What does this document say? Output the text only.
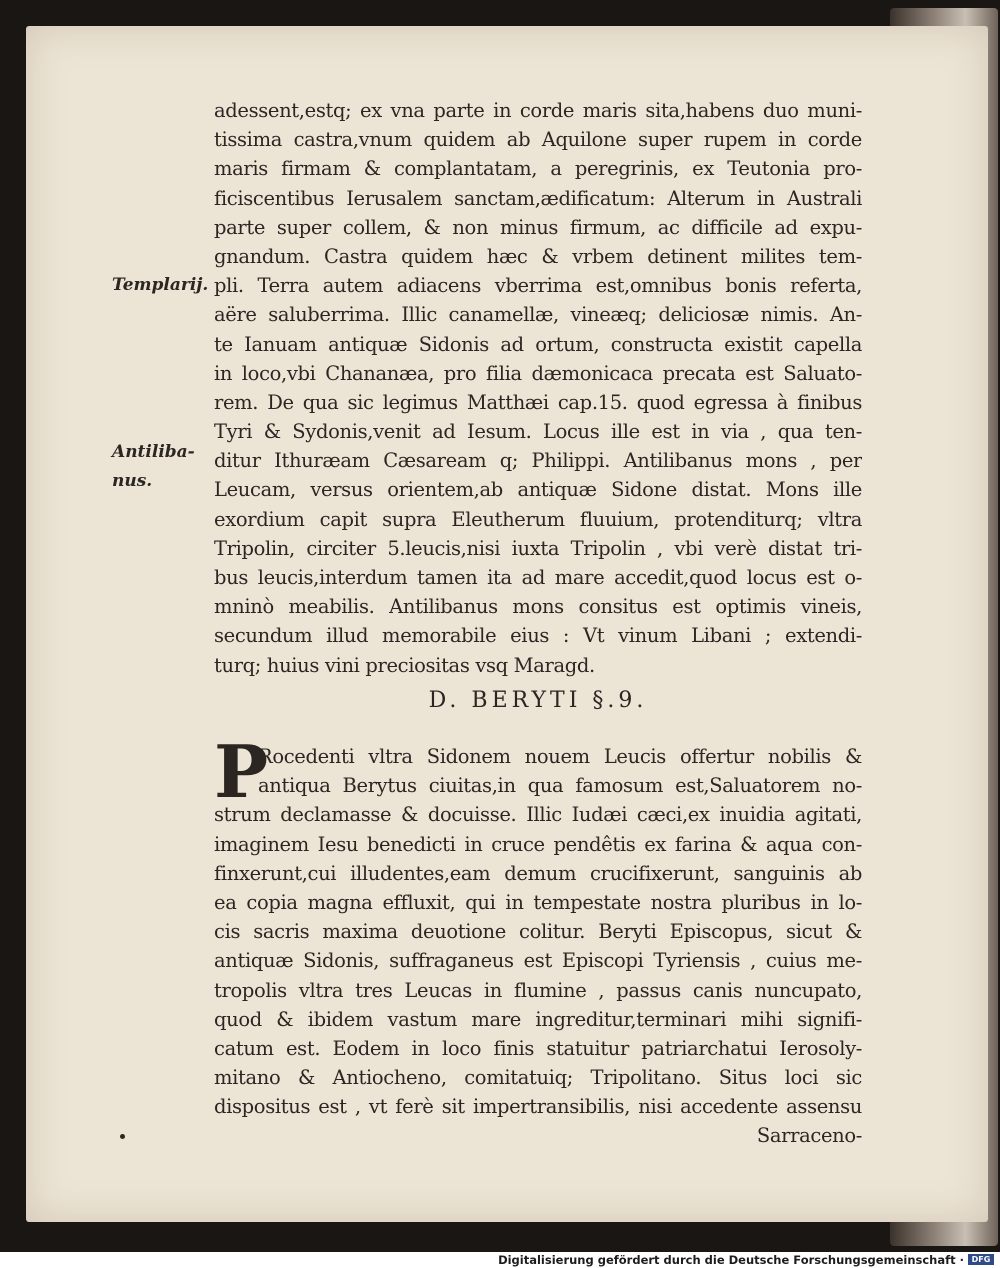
adessent,estq; ex vna parte in corde maris sita,habens duo muni-
tissima castra,vnum quidem ab Aquilone super rupem in corde
maris firmam & complantatam, a peregrinis, ex Teutonia pro-
ficiscentibus Ierusalem sanctam,ædificatum: Alterum in Australi
parte super collem, & non minus firmum, ac difficile ad expu-
gnandum. Castra quidem hæc & vrbem detinent milites tem-
pli. Terra autem adiacens vberrima est,omnibus bonis referta,
aëre saluberrima. Illic canamellæ, vineæq; deliciosæ nimis. An-
te Ianuam antiquæ Sidonis ad ortum, constructa existit capella
in loco,vbi Chananæa, pro filia dæmonicaca precata est Saluato-
rem. De qua sic legimus Matthæi cap.15. quod egressa à finibus
Tyri & Sydonis,venit ad Iesum. Locus ille est in via , qua ten-
ditur Ithuræam Cæsaream q; Philippi. Antilibanus mons , per
Leucam, versus orientem,ab antiquæ Sidone distat. Mons ille
exordium capit supra Eleutherum fluuium, protenditurq; vltra
Tripolin, circiter 5.leucis,nisi iuxta Tripolin , vbi verè distat tri-
bus leucis,interdum tamen ita ad mare accedit,quod locus est o-
mninò meabilis. Antilibanus mons consitus est optimis vineis,
secundum illud memorabile eius : Vt vinum Libani ; extendi-
turq; huius vini preciositas vsq Maragd.
Templarij.
Antiliba-
nus.
D. BERYTI §.9.
P
Rocedenti vltra Sidonem nouem Leucis offertur nobilis &
antiqua Berytus ciuitas,in qua famosum est,Saluatorem no-
strum declamasse & docuisse. Illic Iudæi cæci,ex inuidia agitati,
imaginem Iesu benedicti in cruce pendêtis ex farina & aqua con-
finxerunt,cui illudentes,eam demum crucifixerunt, sanguinis ab
ea copia magna effluxit, qui in tempestate nostra pluribus in lo-
cis sacris maxima deuotione colitur. Beryti Episcopus, sicut &
antiquæ Sidonis, suffraganeus est Episcopi Tyriensis , cuius me-
tropolis vltra tres Leucas in flumine , passus canis nuncupato,
quod & ibidem vastum mare ingreditur,terminari mihi signifi-
catum est. Eodem in loco finis statuitur patriarchatui Ierosoly-
mitano & Antiocheno, comitatuiq; Tripolitano. Situs loci sic
dispositus est , vt ferè sit impertransibilis, nisi accedente assensu
Sarraceno-
Digitalisierung gefördert durch die Deutsche Forschungsgemeinschaft · DFG
